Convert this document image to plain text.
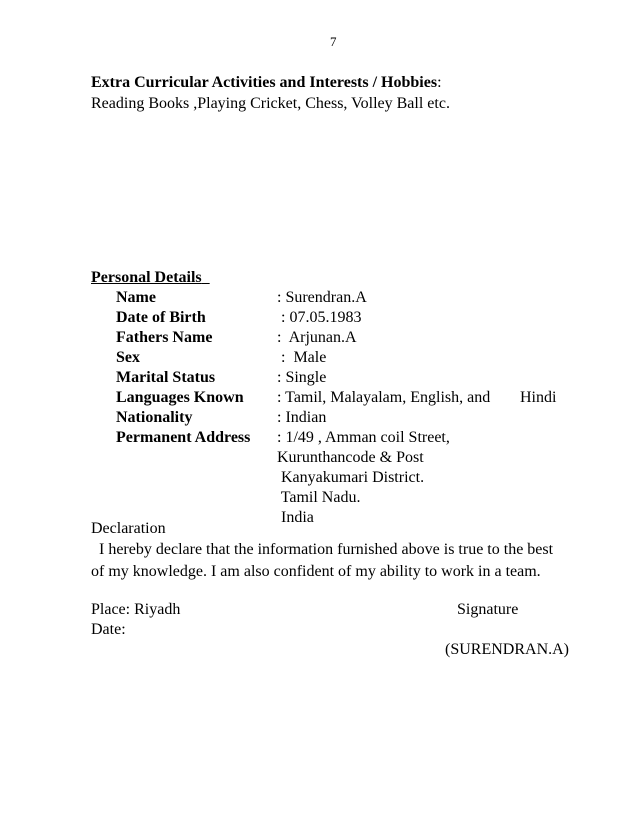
7
Extra Curricular Activities and Interests / Hobbies:
Reading Books ,Playing Cricket, Chess, Volley Ball etc.
Personal Details
Name	: Surendran.A
Date of Birth	: 07.05.1983
Fathers Name	:  Arjunan.A
Sex	:  Male
Marital Status	: Single
Languages Known : Tamil, Malayalam, English, and Hindi
Nationality	: Indian
Permanent Address : 1/49 , Amman coil Street,
Kurunthancode & Post
Kanyakumari District.
Tamil Nadu.
India
Declaration
I hereby declare that the information furnished above is true to the best
of my knowledge. I am also confident of my ability to work in a team.
Place: Riyadh	Signature
Date:
(SURENDRAN.A)
